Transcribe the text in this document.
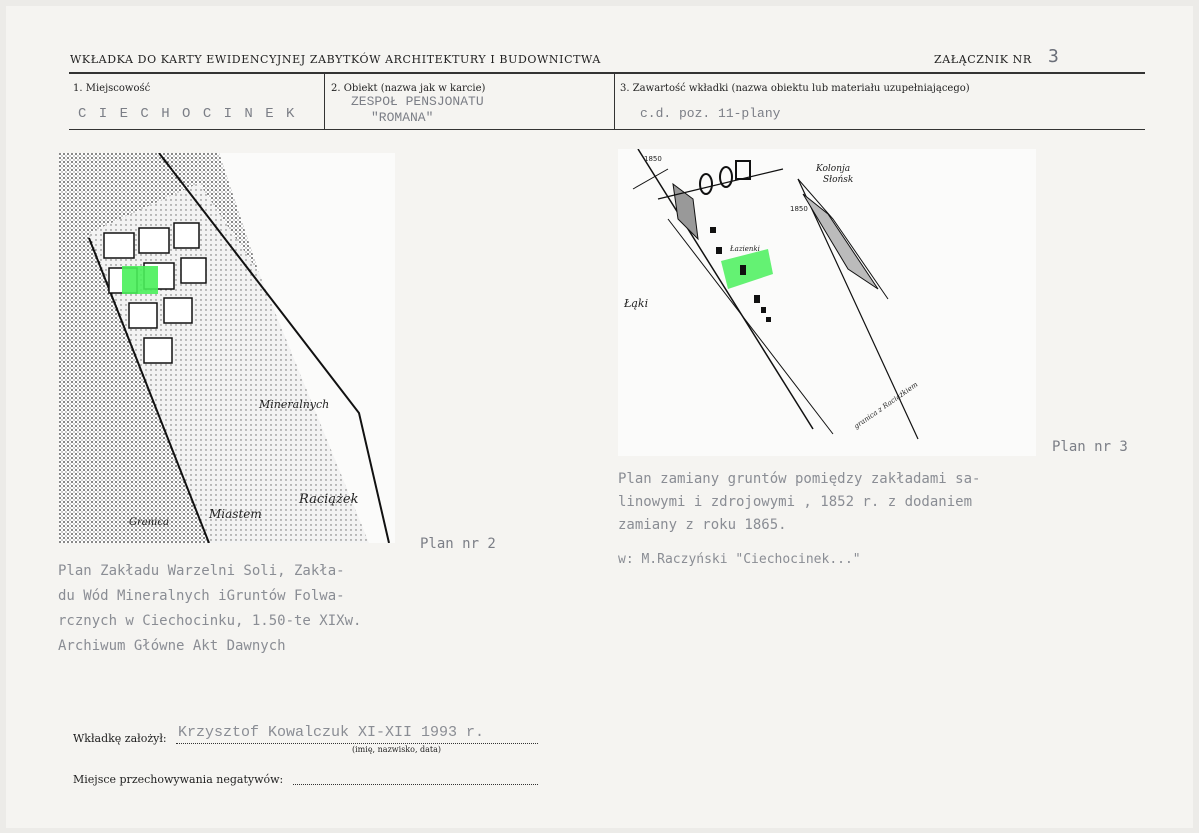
WKŁADKA DO KARTY EWIDENCYJNEJ ZABYTKÓW ARCHITEKTURY I BUDOWNICTWA	ZAŁĄCZNIK NR 3
1. Miejscowość
C I E C H O C I N E K
2. Obiekt (nazwa jak w karcie)
ZESPOŁ PENSJONATU
"ROMANA"
3. Zawartość wkładki (nazwa obiektu lub materiału uzupełniającego)
c.d. poz. 11-plany
Mineralnych
Miastem
Raciążek
Granica
Plan nr 2
Plan Zakładu Warzelni Soli, Zakła-
du Wód Mineralnych iGruntów Folwa-
rcznych w Ciechocinku, 1.50-te XIXw.
Archiwum Główne Akt Dawnych
1850
1850
Kolonja
Słońsk
Łąki
Łazienki
granica z Raciążkiem
Plan nr 3
Plan zamiany gruntów pomiędzy zakładami sa-
linowymi i zdrojowymi , 1852 r. z dodaniem
zamiany z roku 1865.
w: M.Raczyński "Ciechocinek..."
Wkładkę założył: Krzysztof Kowalczuk XI-XII 1993 r.
(imię, nazwisko, data)
Miejsce przechowywania negatywów:
